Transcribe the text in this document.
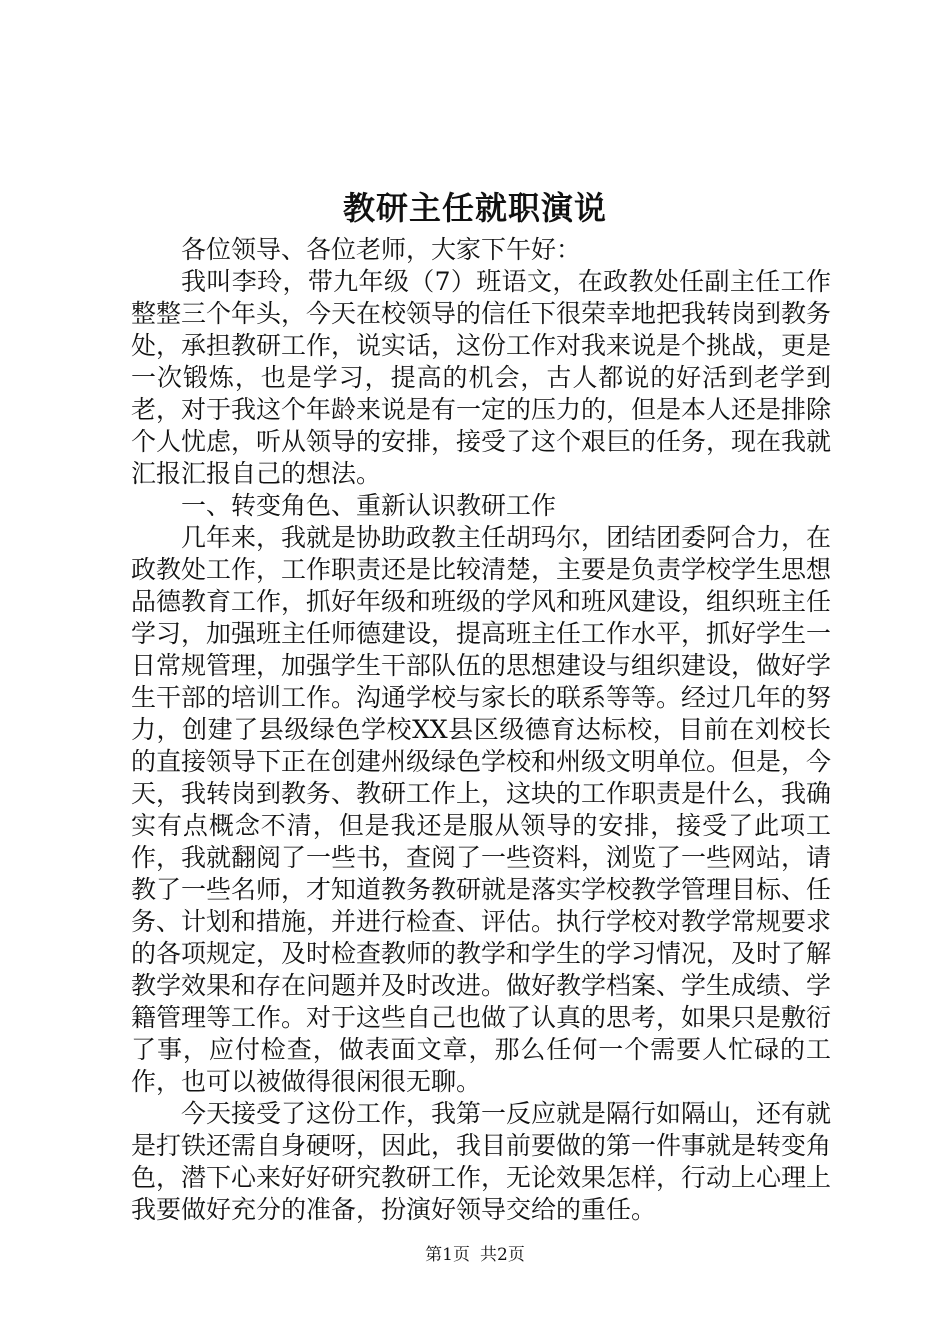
教研主任就职演说

各位领导、各位老师，大家下午好：

我叫李玲，带九年级（7）班语文，在政教处任副主任工作整整三个年头，今天在校领导的信任下很荣幸地把我转岗到教务处，承担教研工作，说实话，这份工作对我来说是个挑战，更是一次锻炼，也是学习，提高的机会，古人都说的好活到老学到老，对于我这个年龄来说是有一定的压力的，但是本人还是排除个人忧虑，听从领导的安排，接受了这个艰巨的任务，现在我就汇报汇报自己的想法。

一、转变角色、重新认识教研工作

几年来，我就是协助政教主任胡玛尔，团结团委阿合力，在政教处工作，工作职责还是比较清楚，主要是负责学校学生思想品德教育工作，抓好年级和班级的学风和班风建设，组织班主任学习，加强班主任师德建设，提高班主任工作水平，抓好学生一日常规管理，加强学生干部队伍的思想建设与组织建设，做好学生干部的培训工作。沟通学校与家长的联系等等。经过几年的努力，创建了县级绿色学校XX县区级德育达标校，目前在刘校长的直接领导下正在创建州级绿色学校和州级文明单位。但是，今天，我转岗到教务、教研工作上，这块的工作职责是什么，我确实有点概念不清，但是我还是服从领导的安排，接受了此项工作，我就翻阅了一些书，查阅了一些资料，浏览了一些网站，请教了一些名师，才知道教务教研就是落实学校教学管理目标、任务、计划和措施，并进行检查、评估。执行学校对教学常规要求的各项规定，及时检查教师的教学和学生的学习情况，及时了解教学效果和存在问题并及时改进。做好教学档案、学生成绩、学籍管理等工作。对于这些自己也做了认真的思考，如果只是敷衍了事，应付检查，做表面文章，那么任何一个需要人忙碌的工作，也可以被做得很闲很无聊。

今天接受了这份工作，我第一反应就是隔行如隔山，还有就是打铁还需自身硬呀，因此，我目前要做的第一件事就是转变角色，潜下心来好好研究教研工作，无论效果怎样，行动上心理上我要做好充分的准备，扮演好领导交给的重任。

第1页 共2页
